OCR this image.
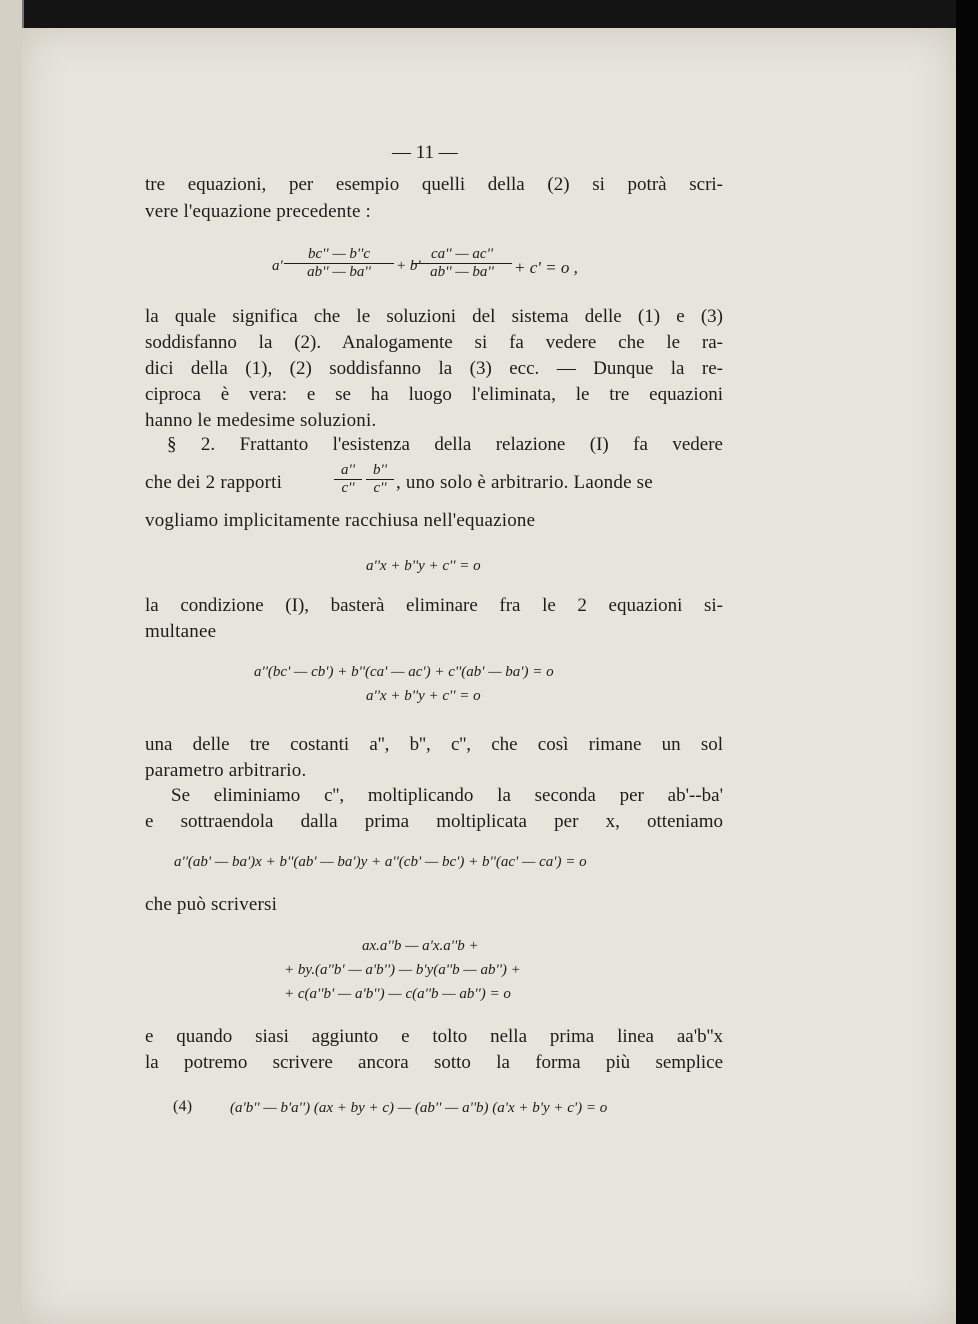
— 11 —
tre equazioni, per esempio quelli della (2) si potrà scri-
vere l'equazione precedente :
$a' \frac{bc'' — b''c}{ab'' — ba''} + b'$
$\frac{ca'' — ac''}{ab'' — ba''} + c' = o$ ,
la quale significa che le soluzioni del sistema delle (1) e (3)
soddisfanno la (2). Analogamente si fa vedere che le ra-
dici della (1), (2) soddisfanno la (3) ecc. — Dunque la re-
ciproca è vera: e se ha luogo l'eliminata, le tre equazioni
hanno le medesime soluzioni.
§ 2. Frattanto l'esistenza della relazione (I) fa vedere
che dei 2 rapporti	$\frac{a''}{c''} \frac{b''}{c''}$ , uno solo è arbitrario. Laonde se
vogliamo implicitamente racchiusa nell'equazione
a''x + b''y + c'' = o
la condizione (I), basterà eliminare fra le 2 equazioni si-
multanee
a''(bc' — cb') + b''(ca' — ac') + c''(ab' — ba') = o
a''x + b''y + c'' = o
una delle tre costanti a'', b'', c'', che così rimane un sol
parametro arbitrario.
Se eliminiamo c'', moltiplicando la seconda per ab'--ba'
e sottraendola dalla prima moltiplicata per x, otteniamo
a''(ab' — ba')x + b''(ab' — ba')y + a''(cb' — bc') + b''(ac' — ca') = o
che può scriversi
ax.a''b — a'x.a''b +
+ by.(a''b' — a'b'') — b'y(a''b — ab'') +
+ c(a''b' — a'b'') — c(a''b — ab'') = o
e quando siasi aggiunto e tolto nella prima linea aa'b''x
la potremo scrivere ancora sotto la forma più semplice
(4)	(a'b'' — b'a'') (ax + by + c) — (ab'' — a''b) (a'x + b'y + c') = o
